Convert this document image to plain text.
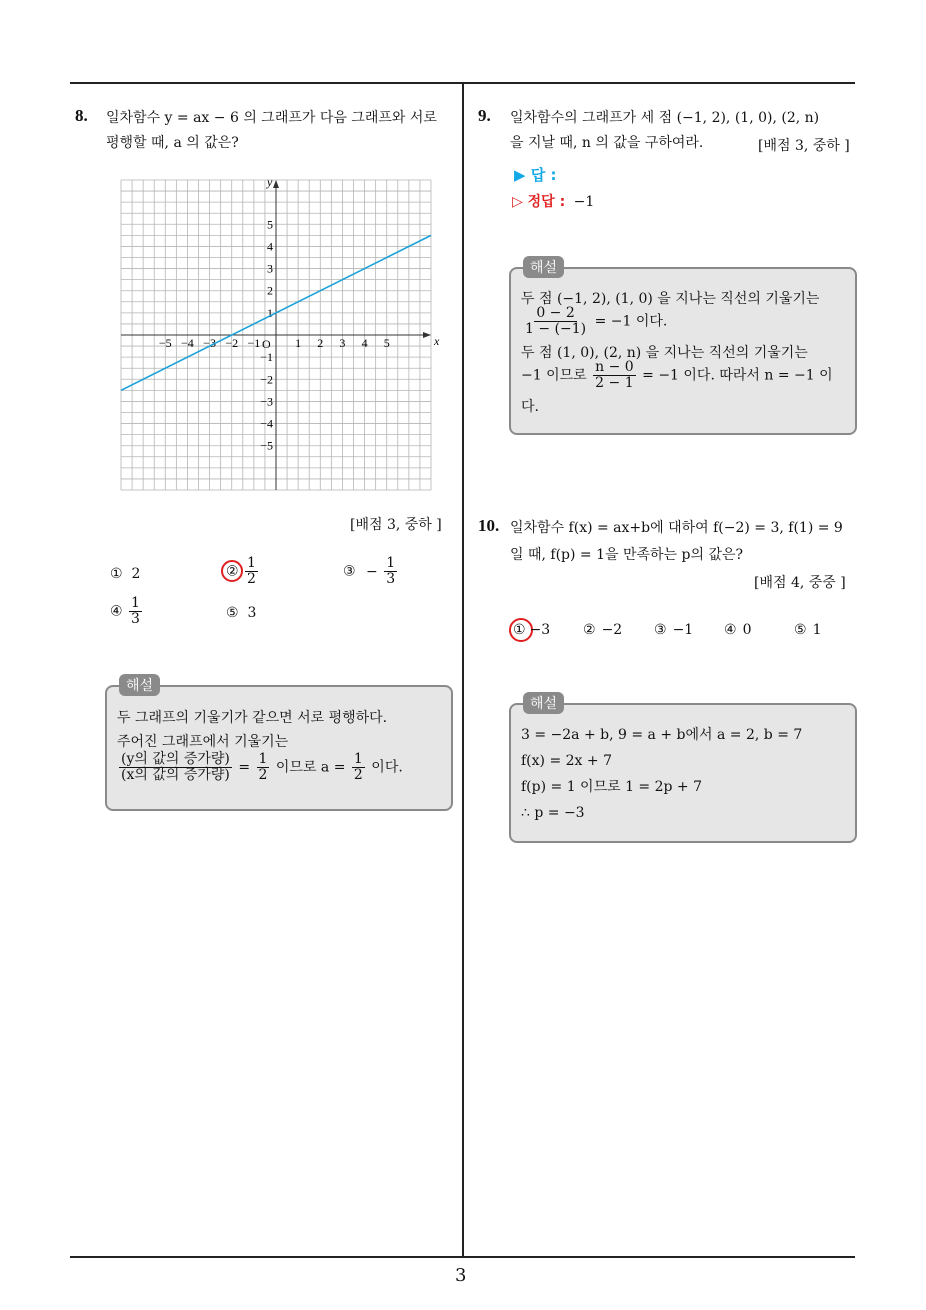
3
8. 일차함수 y = ax − 6 의 그래프가 다음 그래프와 서로
평행할 때, a 의 값은?
x
y
O
−5 −4 −3 −2 −1	1 2 3 4 5
5
4
3
2
1
−1
−2
−3
−4
−5
[배점 3, 중하 ]
① 2	② $\frac{1}{2}$	③ − $\frac{1}{3}$
④ $\frac{1}{3}$	⑤ 3
해설
두 그래프의 기울기가 같으면 서로 평행하다.
주어진 그래프에서 기울기는
$\frac{\text{(y의 값의 증가량)}}{\text{(x의 값의 증가량)}} = \frac{1}{2}$ 이므로 $a = \frac{1}{2}$ 이다.
9. 일차함수의 그래프가 세 점 (−1, 2), (1, 0), (2, n)
을 지날 때, n 의 값을 구하여라.	[배점 3, 중하 ]
▶ 답 :
▷ 정답 : −1
해설
두 점 (−1, 2), (1, 0) 을 지나는 직선의 기울기는
$\frac{0 - 2}{1 - (-1)} = -1$ 이다.
두 점 (1, 0), (2, n) 을 지나는 직선의 기울기는
−1 이므로 $\frac{n - 0}{2 - 1} = -1$ 이다. 따라서 n = −1 이
다.
10. 일차함수 f(x) = ax+b에 대하여 f(−2) = 3, f(1) = 9
일 때, f(p) = 1을 만족하는 p의 값은?
[배점 4, 중중 ]
① −3 ② −2 ③ −1 ④ 0	⑤ 1
해설
3 = −2a + b, 9 = a + b에서 a = 2, b = 7
f(x) = 2x + 7
f(p) = 1 이므로 1 = 2p + 7
∴ p = −3
